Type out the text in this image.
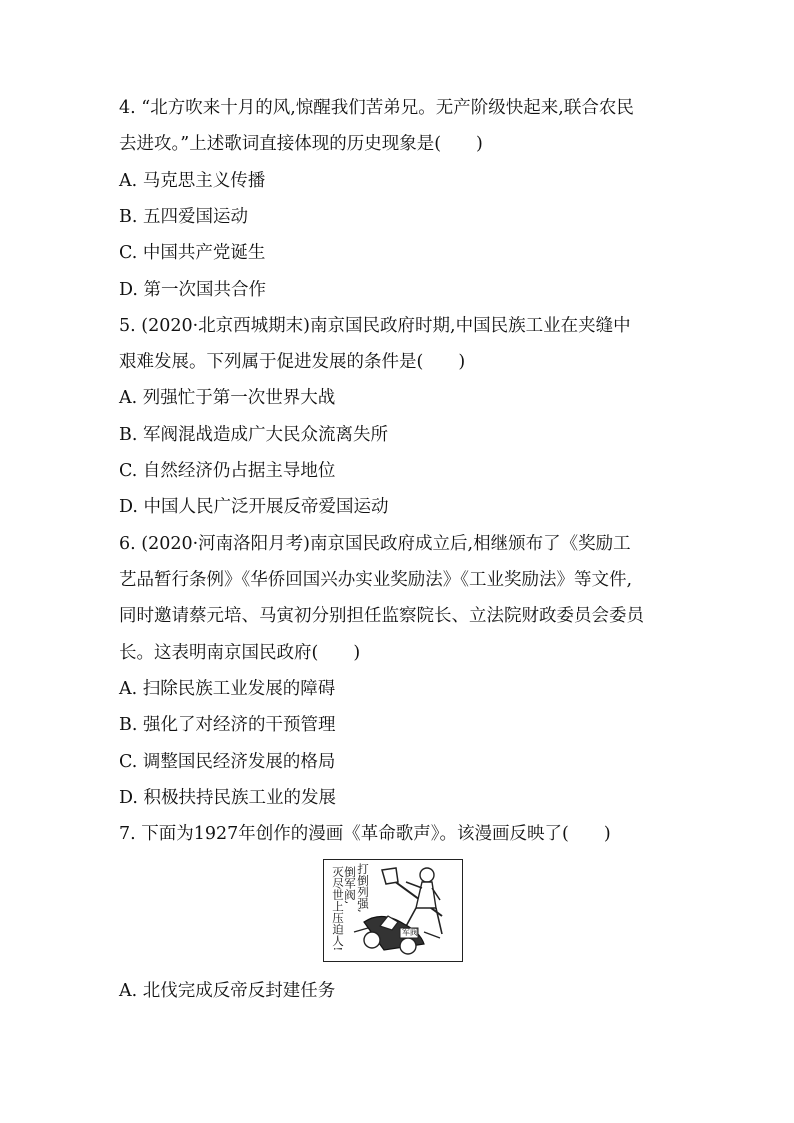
4. “北方吹来十月的风,惊醒我们苦弟兄。无产阶级快起来,联合农民
去进攻。”上述歌词直接体现的历史现象是(　　)
A. 马克思主义传播
B. 五四爱国运动
C. 中国共产党诞生
D. 第一次国共合作
5. (2020·北京西城期末)南京国民政府时期,中国民族工业在夹缝中
艰难发展。下列属于促进发展的条件是(　　)
A. 列强忙于第一次世界大战
B. 军阀混战造成广大民众流离失所
C. 自然经济仍占据主导地位
D. 中国人民广泛开展反帝爱国运动
6. (2020·河南洛阳月考)南京国民政府成立后,相继颁布了《奖励工
艺品暂行条例》《华侨回国兴办实业奖励法》《工业奖励法》等文件,
同时邀请蔡元培、马寅初分别担任监察院长、立法院财政委员会委员
长。这表明南京国民政府(　　)
A. 扫除民族工业发展的障碍
B. 强化了对经济的干预管理
C. 调整国民经济发展的格局
D. 积极扶持民族工业的发展
7. 下面为1927年创作的漫画《革命歌声》。该漫画反映了(　　)
灭尽世上压迫人!
倒军阀, 打倒列强,
军阀
A. 北伐完成反帝反封建任务
